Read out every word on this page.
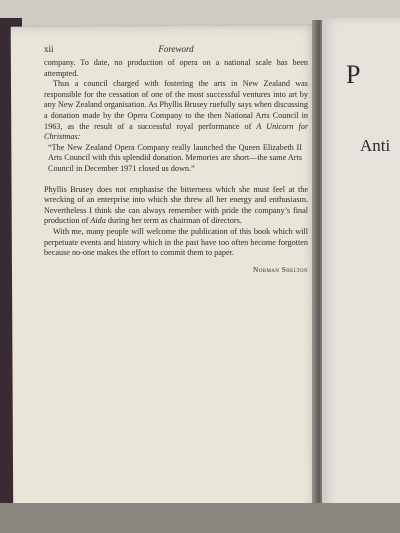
P
Anti
Foreword
xii

company. To date, no production of opera on a national scale has been attempted.

Thus a council charged with fostering the arts in New Zealand was responsible for the cessation of one of the most successful ventures into art by any New Zealand organisation. As Phyllis Brusey ruefully says when discussing a donation made by the Opera Company to the then National Arts Council in 1963, as the result of a successful royal performance of A Unicorn for Christmas:

“The New Zealand Opera Company really launched the Queen Elizabeth II Arts Council with this splendid donation. Memories are short—the same Arts Council in December 1971 closed us down.”

Phyllis Brusey does not emphasise the bitterness which she must feel at the wrecking of an enterprise into which she threw all her energy and enthusiasm. Nevertheless I think she can always remember with pride the company’s final production of Aida during her term as chairman of directors.

With me, many people will welcome the publication of this book which will perpetuate events and history which in the past have too often become forgotten because no-one makes the effort to commit them to paper.

Norman Shelton
